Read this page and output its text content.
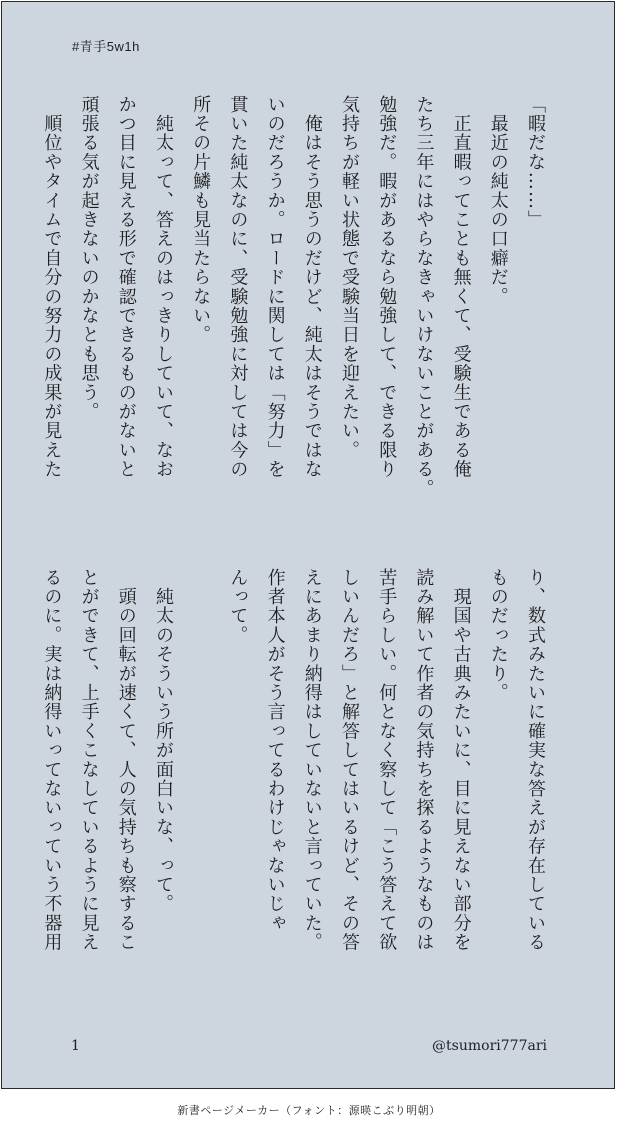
#青手5w1h
「暇だな……」
　最近の純太の口癖だ。
　正直暇ってことも無くて、受験生である俺
たち三年にはやらなきゃいけないことがある。
勉強だ。暇があるなら勉強して、できる限り
気持ちが軽い状態で受験当日を迎えたい。
　俺はそう思うのだけど、純太はそうではな
いのだろうか。ロードに関しては「努力」を
貫いた純太なのに、受験勉強に対しては今の
所その片鱗も見当たらない。
　純太って、答えのはっきりしていて、なお
かつ目に見える形で確認できるものがないと
頑張る気が起きないのかなとも思う。
　順位やタイムで自分の努力の成果が見えた
り、数式みたいに確実な答えが存在している
ものだったり。
　現国や古典みたいに、目に見えない部分を
読み解いて作者の気持ちを探るようなものは
苦手らしい。何となく察して「こう答えて欲
しいんだろ」と解答してはいるけど、その答
えにあまり納得はしていないと言っていた。
作者本人がそう言ってるわけじゃないじゃ
んって。

　純太のそういう所が面白いな、って。
　頭の回転が速くて、人の気持ちも察するこ
とができて、上手くこなしているように見え
るのに。実は納得いってないっていう不器用
1	@tsumori777ari
新書ページメーカー（フォント：源暎こぶり明朝）
